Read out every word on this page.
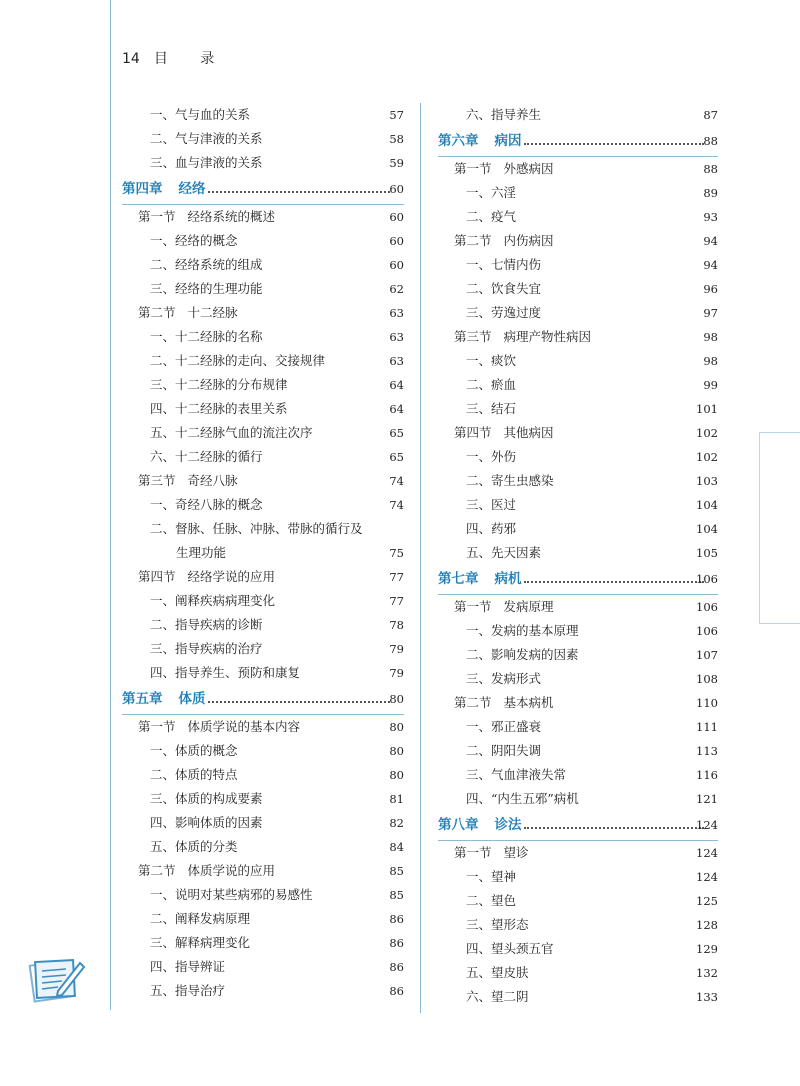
14 目 录
一、气与血的关系	57
二、气与津液的关系	58
三、血与津液的关系	59
第四章 经络	60
第一节 经络系统的概述	60
一、经络的概念	60
二、经络系统的组成	60
三、经络的生理功能	62
第二节 十二经脉	63
一、十二经脉的名称	63
二、十二经脉的走向、交接规律	63
三、十二经脉的分布规律	64
四、十二经脉的表里关系	64
五、十二经脉气血的流注次序	65
六、十二经脉的循行	65
第三节 奇经八脉	74
一、奇经八脉的概念	74
二、督脉、任脉、冲脉、带脉的循行及
生理功能	75
第四节 经络学说的应用	77
一、阐释疾病病理变化	77
二、指导疾病的诊断	78
三、指导疾病的治疗	79
四、指导养生、预防和康复	79
第五章 体质	80
第一节 体质学说的基本内容	80
一、体质的概念	80
二、体质的特点	80
三、体质的构成要素	81
四、影响体质的因素	82
五、体质的分类	84
第二节 体质学说的应用	85
一、说明对某些病邪的易感性	85
二、阐释发病原理	86
三、解释病理变化	86
四、指导辨证	86
五、指导治疗	86
六、指导养生	87
第六章 病因	88
第一节 外感病因	88
一、六淫	89
二、疫气	93
第二节 内伤病因	94
一、七情内伤	94
二、饮食失宜	96
三、劳逸过度	97
第三节 病理产物性病因	98
一、痰饮	98
二、瘀血	99
三、结石	101
第四节 其他病因	102
一、外伤	102
二、寄生虫感染	103
三、医过	104
四、药邪	104
五、先天因素	105
第七章 病机	106
第一节 发病原理	106
一、发病的基本原理	106
二、影响发病的因素	107
三、发病形式	108
第二节 基本病机	110
一、邪正盛衰	111
二、阴阳失调	113
三、气血津液失常	116
四、“内生五邪”病机	121
第八章 诊法	124
第一节 望诊	124
一、望神	124
二、望色	125
三、望形态	128
四、望头颈五官	129
五、望皮肤	132
六、望二阴	133
